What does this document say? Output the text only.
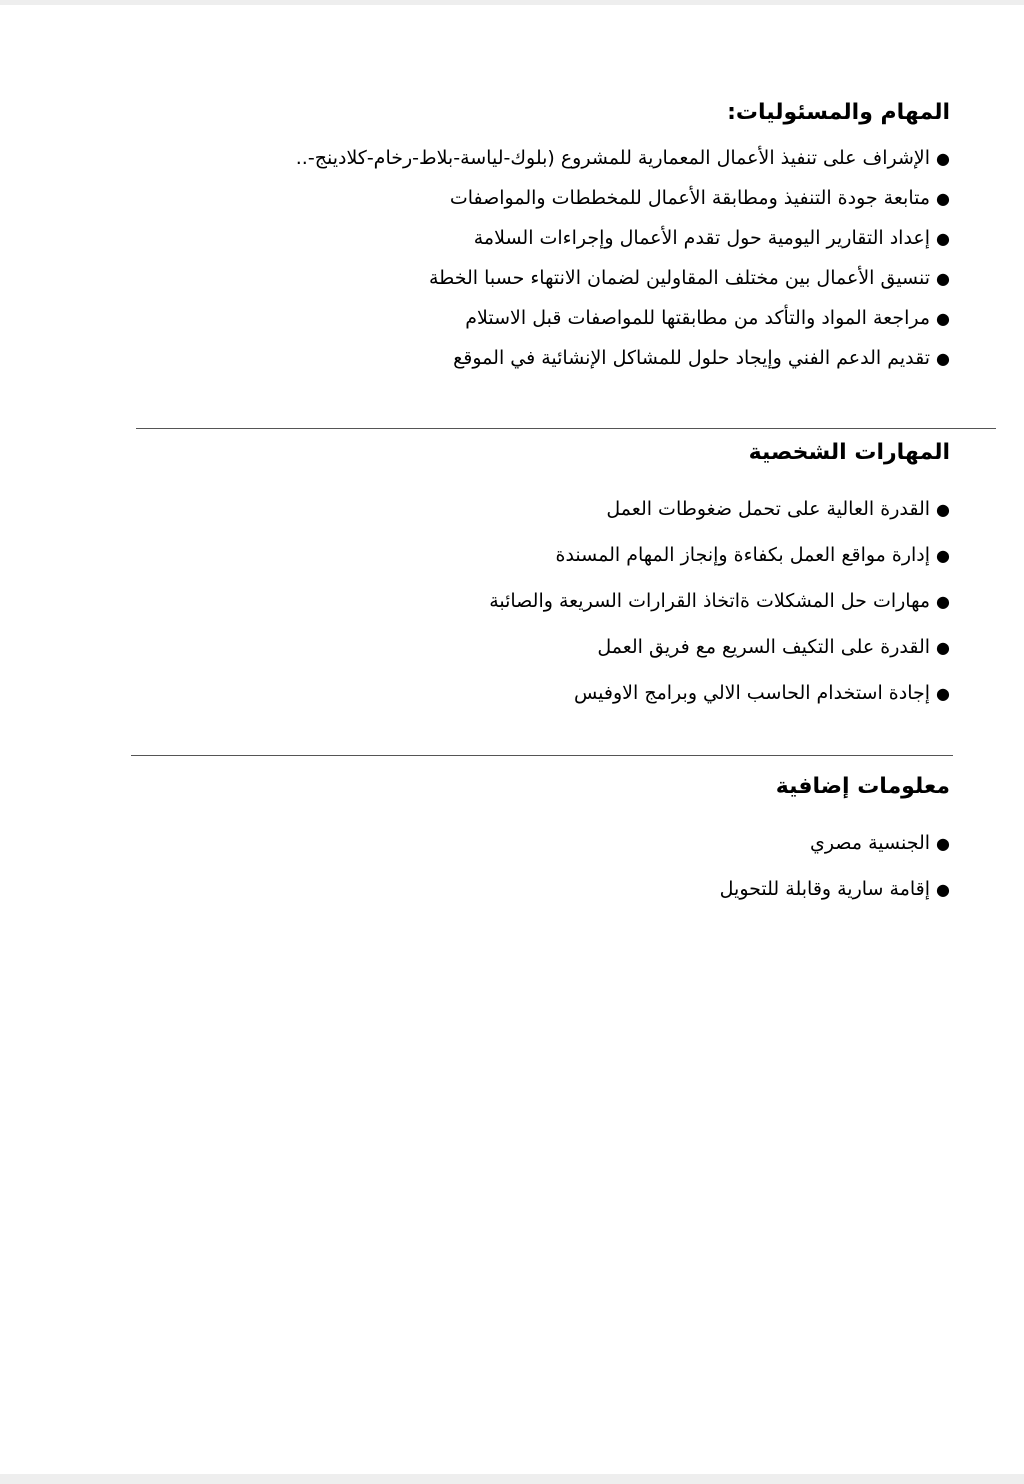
المهام والمسئوليات:
●
الإشراف على تنفيذ الأعمال المعمارية للمشروع (بلوك-لياسة-بلاط-رخام-كلادينج-..
●
متابعة جودة التنفيذ ومطابقة الأعمال للمخططات والمواصفات
●
إعداد التقارير اليومية حول تقدم الأعمال وإجراءات السلامة
●
تنسيق الأعمال بين مختلف المقاولين لضمان الانتهاء حسبا الخطة
●
مراجعة المواد والتأكد من مطابقتها للمواصفات قبل الاستلام
●
تقديم الدعم الفني وإيجاد حلول للمشاكل الإنشائية في الموقع
المهارات الشخصية
●
القدرة العالية على تحمل ضغوطات العمل
●
إدارة مواقع العمل بكفاءة وإنجاز المهام المسندة
●
مهارات حل المشكلات ةاتخاذ القرارات السريعة والصائبة
●
القدرة على التكيف السريع مع فريق العمل
●
إجادة استخدام الحاسب الالي وبرامج الاوفيس
معلومات إضافية
●
الجنسية مصري
●
إقامة سارية وقابلة للتحويل
